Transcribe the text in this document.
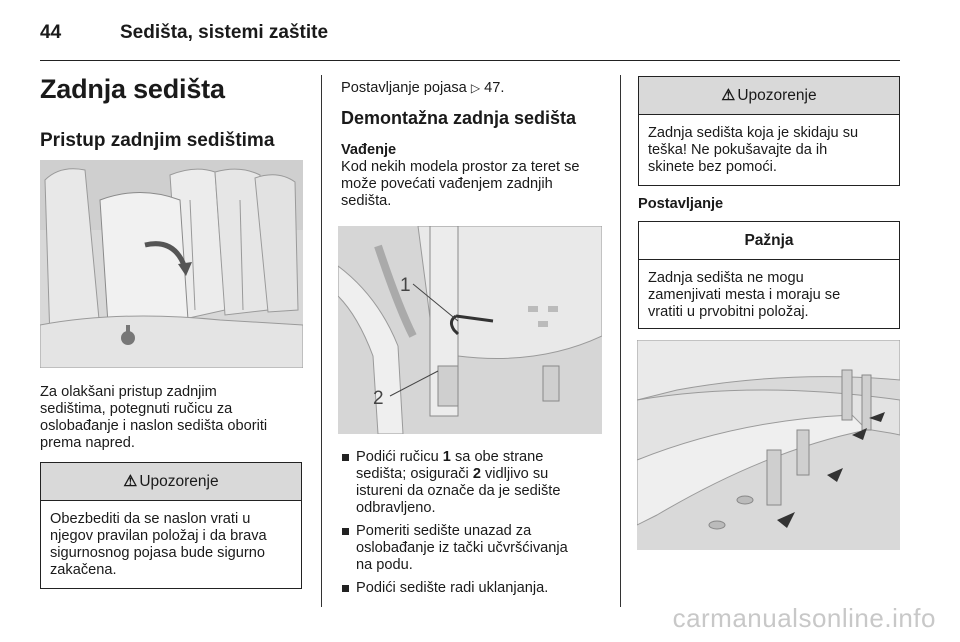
44	Sedišta, sistemi zaštite
Zadnja sedišta
Pristup zadnjim sedištima
Za olakšani pristup zadnjim
sedištima, potegnuti ručicu za
oslobađanje i naslon sedišta oboriti
prema napred.
⚠ Upozorenje
Obezbediti da se naslon vrati u
njegov pravilan položaj i da brava
sigurnosnog pojasa bude sigurno
zakačena.
Postavljanje pojasa ▷ 47.
Demontažna zadnja sedišta
Vađenje
Kod nekih modela prostor za teret se
može povećati vađenjem zadnjih
sedišta.
1
2
Podići ručicu 1 sa obe strane
sedišta; osigurači 2 vidljivo su
istureni da označe da je sedište
odbravljeno.
Pomeriti sedište unazad za
oslobađanje iz tački učvršćivanja
na podu.
Podići sedište radi uklanjanja.
⚠ Upozorenje
Zadnja sedišta koja je skidaju su
teška! Ne pokušavajte da ih
skinete bez pomoći.
Postavljanje
Pažnja
Zadnja sedišta ne mogu
zamenjivati mesta i moraju se
vratiti u prvobitni položaj.
carmanualsonline.info
